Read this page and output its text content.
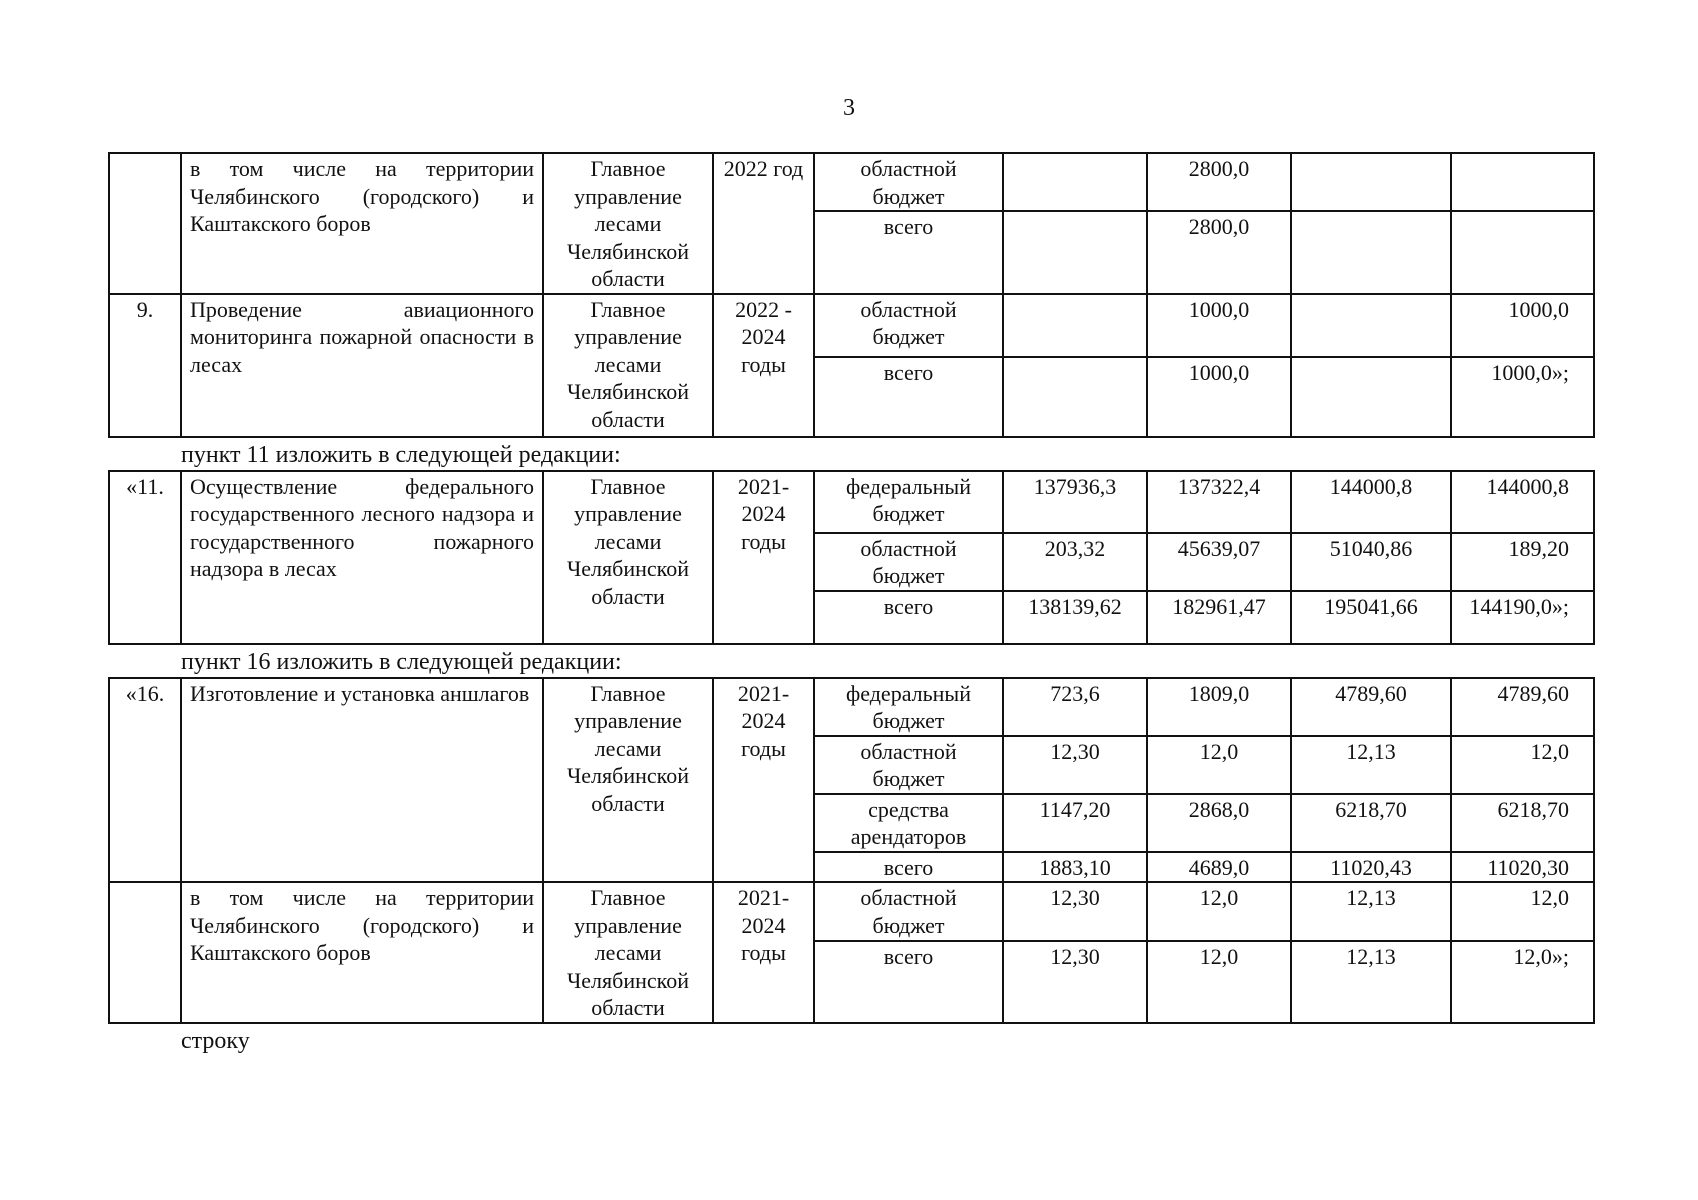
3
	в том числе на территории Челябинского (городского) и Каштакского боров	Главное управление лесами Челябинской области	2022 год	областной бюджет		2800,0		
				всего		2800,0		
9.	Проведение авиационного мониторинга пожарной опасности в лесах	Главное управление лесами Челябинской области	2022 - 2024 годы	областной бюджет		1000,0		1000,0
				всего		1000,0		1000,0»;
пункт 11 изложить в следующей редакции:
«11.	Осуществление федерального государственного лесного надзора и государственного пожарного надзора в лесах	Главное управление лесами Челябинской области	2021- 2024 годы	федеральный бюджет	137936,3	137322,4	144000,8	144000,8
				областной бюджет	203,32	45639,07	51040,86	189,20
				всего	138139,62	182961,47	195041,66	144190,0»;
пункт 16 изложить в следующей редакции:
«16.	Изготовление и установка аншлагов	Главное управление лесами Челябинской области	2021- 2024 годы	федеральный бюджет	723,6	1809,0	4789,60	4789,60
				областной бюджет	12,30	12,0	12,13	12,0
				средства арендаторов	1147,20	2868,0	6218,70	6218,70
				всего	1883,10	4689,0	11020,43	11020,30
	в том числе на территории Челябинского (городского) и Каштакского боров	Главное управление лесами Челябинской области	2021- 2024 годы	областной бюджет	12,30	12,0	12,13	12,0
				всего	12,30	12,0	12,13	12,0»;
строку
